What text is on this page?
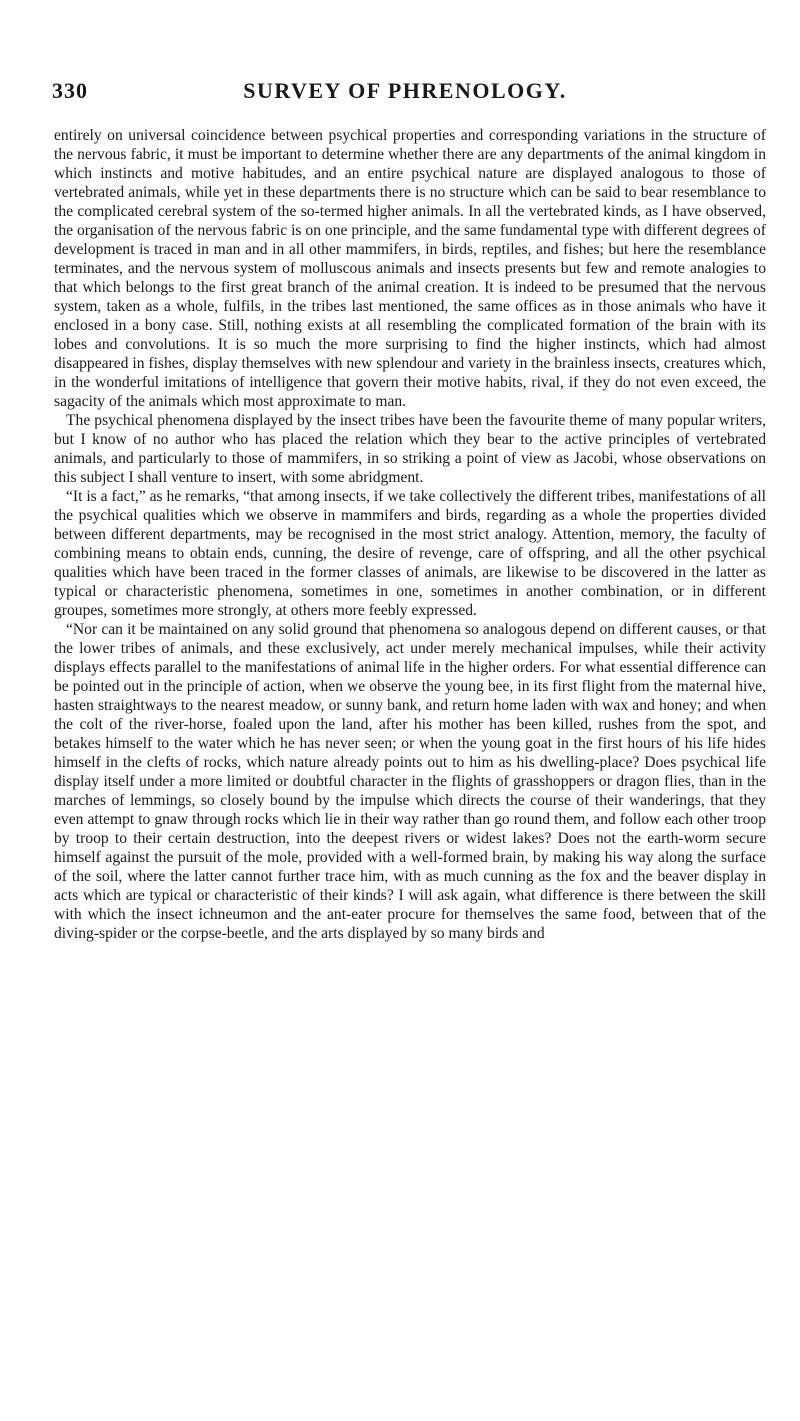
330	SURVEY OF PHRENOLOGY.

entirely on universal coincidence between psychical properties and corresponding variations in the structure of the nervous fabric, it must be important to determine whether there are any departments of the animal kingdom in which instincts and motive habitudes, and an entire psychical nature are displayed analogous to those of vertebrated animals, while yet in these departments there is no structure which can be said to bear resemblance to the complicated cerebral system of the so-termed higher animals. In all the vertebrated kinds, as I have observed, the organisation of the nervous fabric is on one principle, and the same fundamental type with different degrees of development is traced in man and in all other mammifers, in birds, reptiles, and fishes; but here the resemblance terminates, and the nervous system of molluscous animals and insects presents but few and remote analogies to that which belongs to the first great branch of the animal creation. It is indeed to be presumed that the nervous system, taken as a whole, fulfils, in the tribes last mentioned, the same offices as in those animals who have it enclosed in a bony case. Still, nothing exists at all resembling the complicated formation of the brain with its lobes and convolutions. It is so much the more surprising to find the higher instincts, which had almost disappeared in fishes, display themselves with new splendour and variety in the brainless insects, creatures which, in the wonderful imitations of intelligence that govern their motive habits, rival, if they do not even exceed, the sagacity of the animals which most approximate to man.

The psychical phenomena displayed by the insect tribes have been the favourite theme of many popular writers, but I know of no author who has placed the relation which they bear to the active principles of vertebrated animals, and particularly to those of mammifers, in so striking a point of view as Jacobi, whose observations on this subject I shall venture to insert, with some abridgment.

“It is a fact,” as he remarks, “that among insects, if we take collectively the different tribes, manifestations of all the psychical qualities which we observe in mammifers and birds, regarding as a whole the properties divided between different departments, may be recognised in the most strict analogy. Attention, memory, the faculty of combining means to obtain ends, cunning, the desire of revenge, care of offspring, and all the other psychical qualities which have been traced in the former classes of animals, are likewise to be discovered in the latter as typical or characteristic phenomena, sometimes in one, sometimes in another combination, or in different groupes, sometimes more strongly, at others more feebly expressed.

“Nor can it be maintained on any solid ground that phenomena so analogous depend on different causes, or that the lower tribes of animals, and these exclusively, act under merely mechanical impulses, while their activity displays effects parallel to the manifestations of animal life in the higher orders. For what essential difference can be pointed out in the principle of action, when we observe the young bee, in its first flight from the maternal hive, hasten straightways to the nearest meadow, or sunny bank, and return home laden with wax and honey; and when the colt of the river-horse, foaled upon the land, after his mother has been killed, rushes from the spot, and betakes himself to the water which he has never seen; or when the young goat in the first hours of his life hides himself in the clefts of rocks, which nature already points out to him as his dwelling-place? Does psychical life display itself under a more limited or doubtful character in the flights of grasshoppers or dragon flies, than in the marches of lemmings, so closely bound by the impulse which directs the course of their wanderings, that they even attempt to gnaw through rocks which lie in their way rather than go round them, and follow each other troop by troop to their certain destruction, into the deepest rivers or widest lakes? Does not the earth-worm secure himself against the pursuit of the mole, provided with a well-formed brain, by making his way along the surface of the soil, where the latter cannot further trace him, with as much cunning as the fox and the beaver display in acts which are typical or characteristic of their kinds? I will ask again, what difference is there between the skill with which the insect ichneumon and the ant-eater procure for themselves the same food, between that of the diving-spider or the corpse-beetle, and the arts displayed by so many birds and
